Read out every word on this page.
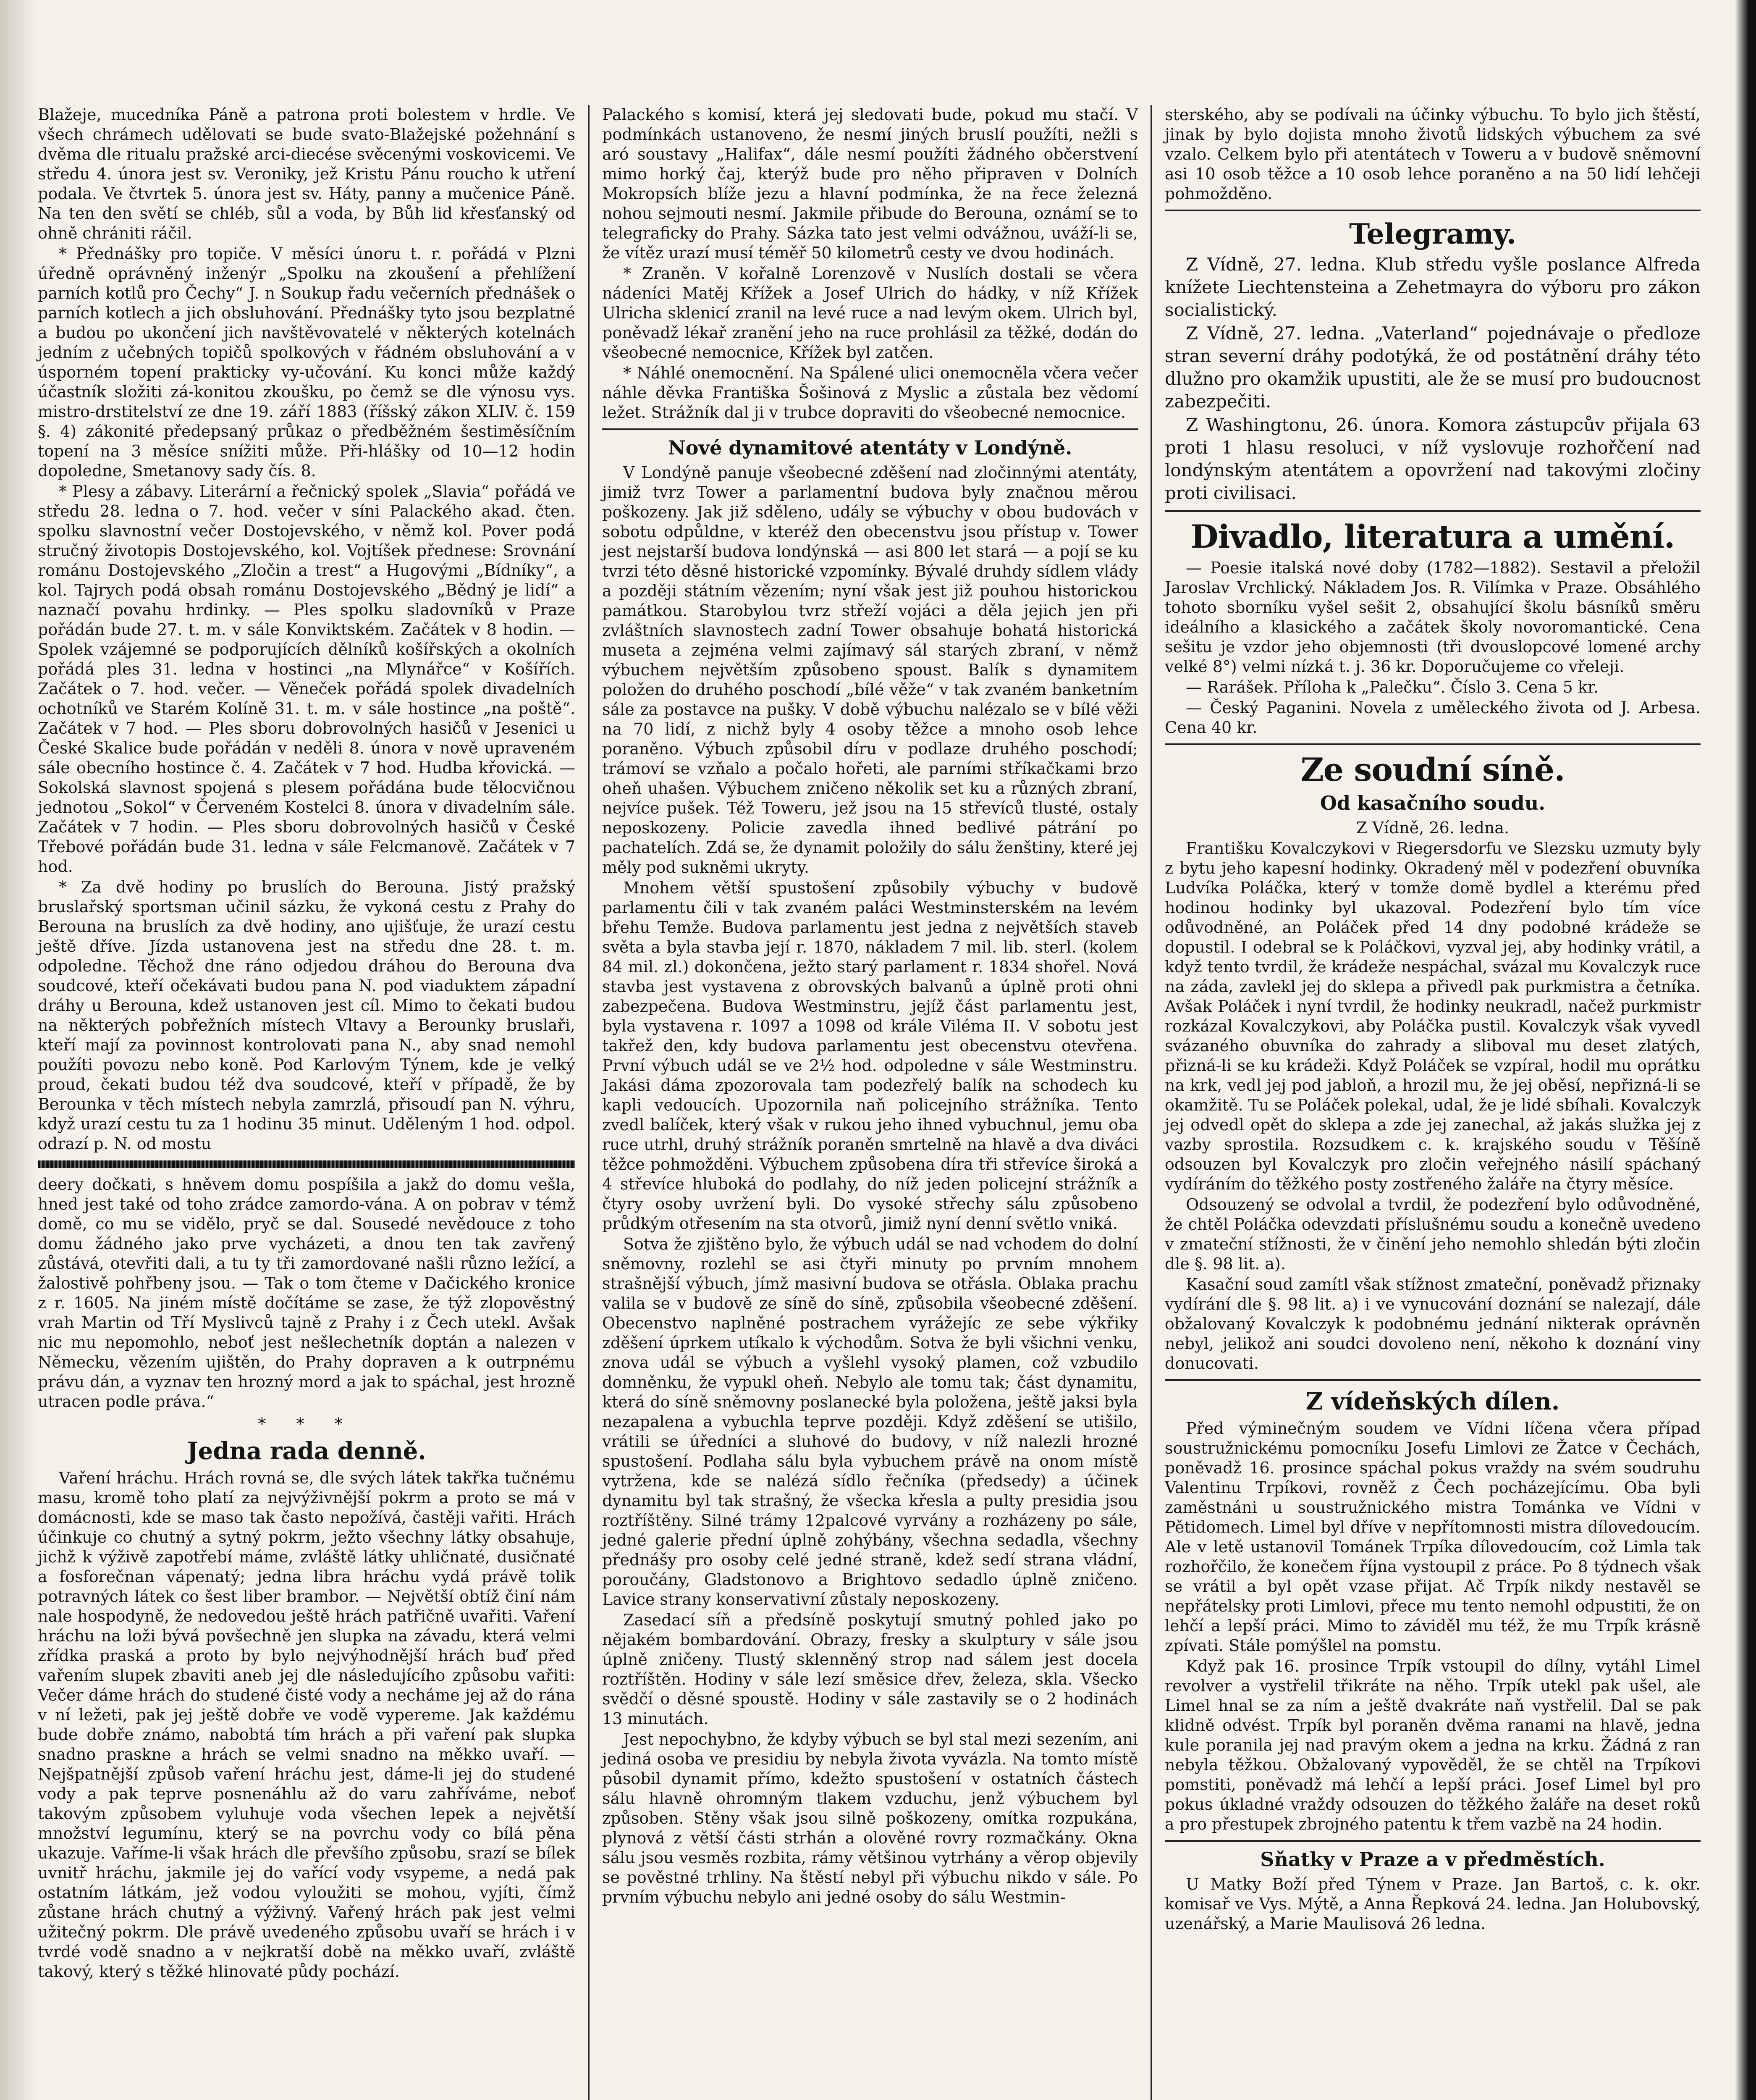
Blažeje, mucedníka Páně a patrona proti bolestem v hrdle. Ve všech chrámech udělovati se bude svato-Blažejské požehnání s dvěma dle ritualu pražské arci-diecése svěcenými voskovicemi. Ve středu 4. února jest sv. Veroniky, jež Kristu Pánu roucho k utření podala. Ve čtvrtek 5. února jest sv. Háty, panny a mučenice Páně. Na ten den světí se chléb, sůl a voda, by Bůh lid křesťanský od ohně chrániti ráčil.

* Přednášky pro topiče. V měsíci únoru t. r. pořádá v Plzni úředně oprávněný inženýr „Spolku na zkoušení a přehlížení parních kotlů pro Čechy“ J. n Soukup řadu večerních přednášek o parních kotlech a jich obsluhování. Přednášky tyto jsou bezplatné a budou po ukončení jich navštěvovatelé v některých kotelnách jedním z učebných topičů spolkových v řádném obsluhování a v úsporném topení prakticky vy-učování. Ku konci může každý účastník složiti zá-konitou zkoušku, po čemž se dle výnosu vys. mistro-drstitelství ze dne 19. září 1883 (říšský zákon XLIV. č. 159 §. 4) zákonité předepsaný průkaz o předběžném šestiměsíčním topení na 3 měsíce snížiti může. Při-hlášky od 10—12 hodin dopoledne, Smetanovy sady čís. 8.

* Plesy a zábavy. Literární a řečnický spolek „Slavia“ pořádá ve středu 28. ledna o 7. hod. večer v síni Palackého akad. čten. spolku slavnostní večer Dostojevského, v němž kol. Pover podá stručný životopis Dostojevského, kol. Vojtíšek přednese: Srovnání románu Dostojevského „Zločin a trest“ a Hugovými „Bídníky“, a kol. Tajrych podá obsah románu Dostojevského „Bědný je lidí“ a naznačí povahu hrdinky. — Ples spolku sladovníků v Praze pořádán bude 27. t. m. v sále Konviktském. Začátek v 8 hodin. — Spolek vzájemné se podporujících dělníků košířských a okolních pořádá ples 31. ledna v hostinci „na Mlynářce“ v Košířích. Začátek o 7. hod. večer. — Věneček pořádá spolek divadelních ochotníků ve Starém Kolíně 31. t. m. v sále hostince „na poště“. Začátek v 7 hod. — Ples sboru dobrovolných hasičů v Jesenici u České Skalice bude pořádán v neděli 8. února v nově upraveném sále obecního hostince č. 4. Začátek v 7 hod. Hudba křovická. — Sokolská slavnost spojená s plesem pořádána bude tělocvičnou jednotou „Sokol“ v Červeném Kostelci 8. února v divadelním sále. Začátek v 7 hodin. — Ples sboru dobrovolných hasičů v České Třebové pořádán bude 31. ledna v sále Felcmanově. Začátek v 7 hod.

* Za dvě hodiny po bruslích do Berouna. Jistý pražský bruslařský sportsman učinil sázku, že vykoná cestu z Prahy do Berouna na bruslích za dvě hodiny, ano ujišťuje, že urazí cestu ještě dříve. Jízda ustanovena jest na středu dne 28. t. m. odpoledne. Těchož dne ráno odjedou dráhou do Berouna dva soudcové, kteří očekávati budou pana N. pod viaduktem západní dráhy u Berouna, kdež ustanoven jest cíl. Mimo to čekati budou na některých pobřežních místech Vltavy a Berounky bruslaři, kteří mají za povinnost kontrolovati pana N., aby snad nemohl použíti povozu nebo koně. Pod Karlovým Týnem, kde je velký proud, čekati budou též dva soudcové, kteří v případě, že by Berounka v těch místech nebyla zamrzlá, přisoudí pan N. výhru, když urazí cestu tu za 1 hodinu 35 minut. Uděleným 1 hod. odpol. odrazí p. N. od mostu

deery dočkati, s hněvem domu pospíšila a jakž do domu vešla, hned jest také od toho zrádce zamordo-vána. A on pobrav v témž domě, co mu se vidělo, pryč se dal. Sousedé nevědouce z toho domu žádného jako prve vycházeti, a dnou ten tak zavřený zůstává, otevřiti dali, a tu ty tři zamordované našli různo ležící, a žalostivě pohřbeny jsou. — Tak o tom čteme v Dačického kronice z r. 1605. Na jiném místě dočítáme se zase, že týž zlopověstný vrah Martin od Tří Myslivců tajně z Prahy i z Čech utekl. Avšak nic mu nepomohlo, neboť jest nešlechetník doptán a nalezen v Německu, vězením ujištěn, do Prahy dopraven a k outrpnému právu dán, a vyznav ten hrozný mord a jak to spáchal, jest hrozně utracen podle práva.“

* * *
Jedna rada denně.

Vaření hráchu. Hrách rovná se, dle svých látek takřka tučnému masu, kromě toho platí za nejvýživnější pokrm a proto se má v domácnosti, kde se maso tak často nepožívá, častěji vařiti. Hrách účinkuje co chutný a sytný pokrm, ježto všechny látky obsahuje, jichž k výživě zapotřebí máme, zvláště látky uhličnaté, dusičnaté a fosforečnan vápenatý; jedna libra hráchu vydá právě tolik potravných látek co šest liber brambor. — Největší obtíž činí nám nale hospodyně, že nedovedou ještě hrách patřičně uvařiti. Vaření hráchu na loži bývá povšechně jen slupka na závadu, která velmi zřídka praská a proto by bylo nejvýhodnější hrách buď před vařením slupek zbaviti aneb jej dle následujícího způsobu vařiti: Večer dáme hrách do studené čisté vody a necháme jej až do rána v ní ležeti, pak jej ještě dobře ve vodě vypereme. Jak každému bude dobře známo, nabobtá tím hrách a při vaření pak slupka snadno praskne a hrách se velmi snadno na měkko uvaří. — Nejšpatnější způsob vaření hráchu jest, dáme-li jej do studené vody a pak teprve posnenáhlu až do varu zahříváme, neboť takovým způsobem vyluhuje voda všechen lepek a největší množství legumínu, který se na povrchu vody co bílá pěna ukazuje. Vaříme-li však hrách dle převšího způsobu, srazí se bílek uvnitř hráchu, jakmile jej do vařící vody vsypeme, a nedá pak ostatním látkám, jež vodou vyloužiti se mohou, vyjíti, čímž zůstane hrách chutný a výživný. Vařený hrách pak jest velmi užitečný pokrm. Dle právě uvedeného způsobu uvaří se hrách i v tvrdé vodě snadno a v nejkratší době na měkko uvaří, zvláště takový, který s těžké hlinovaté půdy pochází.

Palackého s komisí, která jej sledovati bude, pokud mu stačí. V podmínkách ustanoveno, že nesmí jiných bruslí použíti, nežli s aró soustavy „Halifax“, dále nesmí použíti žádného občerstvení mimo horký čaj, kterýž bude pro něho připraven v Dolních Mokropsích blíže jezu a hlavní podmínka, že na řece železná nohou sejmouti nesmí. Jakmile přibude do Berouna, oznámí se to telegraficky do Prahy. Sázka tato jest velmi odvážnou, uváží-li se, že vítěz urazí musí téměř 50 kilometrů cesty ve dvou hodinách.

* Zraněn. V kořalně Lorenzově v Nuslích dostali se včera nádeníci Matěj Křížek a Josef Ulrich do hádky, v níž Křížek Ulricha sklenicí zranil na levé ruce a nad levým okem. Ulrich byl, poněvadž lékař zranění jeho na ruce prohlásil za těžké, dodán do všeobecné nemocnice, Křížek byl zatčen.

* Náhlé onemocnění. Na Spálené ulici onemocněla včera večer náhle děvka Františka Šošinová z Myslic a zůstala bez vědomí ležet. Strážník dal ji v trubce dopraviti do všeobecné nemocnice.

Nové dynamitové atentáty v Londýně.

V Londýně panuje všeobecné zděšení nad zločinnými atentáty, jimiž tvrz Tower a parlamentní budova byly značnou měrou poškozeny. Jak již sděleno, udály se výbuchy v obou budovách v sobotu odpůldne, v kteréž den obecenstvu jsou přístup v. Tower jest nejstarší budova londýnská — asi 800 let stará — a pojí se ku tvrzi této děsné historické vzpomínky. Bývalé druhdy sídlem vlády a později státním vězením; nyní však jest již pouhou historickou památkou. Starobylou tvrz střeží vojáci a děla jejich jen při zvláštních slavnostech zadní Tower obsahuje bohatá historická museta a zejména velmi zajímavý sál starých zbraní, v němž výbuchem největším způsobeno spoust. Balík s dynamitem položen do druhého poschodí „bílé věže“ v tak zvaném banketním sále za postavce na pušky. V době výbuchu nalézalo se v bílé věži na 70 lidí, z nichž byly 4 osoby těžce a mnoho osob lehce poraněno. Výbuch způsobil díru v podlaze druhého poschodí; trámoví se vzňalo a počalo hořeti, ale parními stříkačkami brzo oheň uhašen. Výbuchem zničeno několik set ku a různých zbraní, nejvíce pušek. Též Toweru, jež jsou na 15 střevíců tlusté, ostaly neposkozeny. Policie zavedla ihned bedlivé pátrání po pachatelích. Zdá se, že dynamit položily do sálu ženštiny, které jej měly pod sukněmi ukryty.

Mnohem větší spustošení způsobily výbuchy v budově parlamentu čili v tak zvaném paláci Westminsterském na levém břehu Temže. Budova parlamentu jest jedna z největších staveb světa a byla stavba její r. 1870, nákladem 7 mil. lib. sterl. (kolem 84 mil. zl.) dokončena, ježto starý parlament r. 1834 shořel. Nová stavba jest vystavena z obrovských balvanů a úplně proti ohni zabezpečena. Budova Westminstru, jejíž část parlamentu jest, byla vystavena r. 1097 a 1098 od krále Viléma II. V sobotu jest takřež den, kdy budova parlamentu jest obecenstvu otevřena. První výbuch udál se ve 2½ hod. odpoledne v sále Westminstru. Jakási dáma zpozorovala tam podezřelý balík na schodech ku kapli vedoucích. Upozornila naň policejního strážníka. Tento zvedl balíček, který však v rukou jeho ihned vybuchnul, jemu oba ruce utrhl, druhý strážník poraněn smrtelně na hlavě a dva diváci těžce pohmožděni. Výbuchem způsobena díra tři střevíce široká a 4 střevíce hluboká do podlahy, do níž jeden policejní strážník a čtyry osoby uvržení byli. Do vysoké střechy sálu způsobeno průdkým otřesením na sta otvorů, jimiž nyní denní světlo vniká.

Sotva že zjištěno bylo, že výbuch udál se nad vchodem do dolní sněmovny, rozlehl se asi čtyři minuty po prvním mnohem strašnější výbuch, jímž masivní budova se otřásla. Oblaka prachu valila se v budově ze síně do síně, způsobila všeobecné zděšení. Obecenstvo naplněné postrachem vyrážejíc ze sebe výkřiky zděšení úprkem utíkalo k východům. Sotva že byli všichni venku, znova udál se výbuch a vyšlehl vysoký plamen, což vzbudilo domněnku, že vypukl oheň. Nebylo ale tomu tak; část dynamitu, která do síně sněmovny poslanecké byla položena, ještě jaksi byla nezapalena a vybuchla teprve později. Když zděšení se utišilo, vrátili se úředníci a sluhové do budovy, v níž nalezli hrozné spustošení. Podlaha sálu byla vybuchem právě na onom místě vytržena, kde se nalézá sídlo řečníka (předsedy) a účinek dynamitu byl tak strašný, že všecka křesla a pulty presidia jsou roztříštěny. Silné trámy 12palcové vyrvány a rozházeny po sále, jedné galerie přední úplně zohýbány, všechna sedadla, všechny přednášy pro osoby celé jedné straně, kdež sedí strana vládní, poroučány, Gladstonovo a Brightovo sedadlo úplně zničeno. Lavice strany konservativní zůstaly neposkozeny.

Zasedací síň a předsíně poskytují smutný pohled jako po nějakém bombardování. Obrazy, fresky a skulptury v sále jsou úplně zničeny. Tlustý sklenněný strop nad sálem jest docela roztříštěn. Hodiny v sále lezí směsice dřev, železa, skla. Všecko svědčí o děsné spoustě. Hodiny v sále zastavily se o 2 hodinách 13 minutách.

Jest nepochybno, že kdyby výbuch se byl stal mezi sezením, ani jediná osoba ve presidiu by nebyla života vyvázla. Na tomto místě působil dynamit přímo, kdežto spustošení v ostatních částech sálu hlavně ohromným tlakem vzduchu, jenž výbuchem byl způsoben. Stěny však jsou silně poškozeny, omítka rozpukána, plynová z větší části strhán a olověné rovry rozmačkány. Okna sálu jsou vesměs rozbita, rámy většinou vytrhány a věrop objevily se pověstné trhliny. Na štěstí nebyl při výbuchu nikdo v sále. Po prvním výbuchu nebylo ani jedné osoby do sálu Westmin-

sterského, aby se podívali na účinky výbuchu. To bylo jich štěstí, jinak by bylo dojista mnoho životů lidských výbuchem za své vzalo. Celkem bylo při atentátech v Toweru a v budově sněmovní asi 10 osob těžce a 10 osob lehce poraněno a na 50 lidí lehčeji pohmožděno.

Telegramy.

Z Vídně, 27. ledna. Klub středu vyšle poslance Alfreda knížete Liechtensteina a Zehetmayra do výboru pro zákon socialistický.

Z Vídně, 27. ledna. „Vaterland“ pojednávaje o předloze stran severní dráhy podotýká, že od postátnění dráhy této dlužno pro okamžik upustiti, ale že se musí pro budoucnost zabezpečiti.

Z Washingtonu, 26. února. Komora zástupcův přijala 63 proti 1 hlasu resoluci, v níž vyslovuje rozhořčení nad londýnským atentátem a opovržení nad takovými zločiny proti civilisaci.

Divadlo, literatura a umění.

— Poesie italská nové doby (1782—1882). Sestavil a přeložil Jaroslav Vrchlický. Nákladem Jos. R. Vilímka v Praze. Obsáhlého tohoto sborníku vyšel sešit 2, obsahující školu básníků směru ideálního a klasického a začátek školy novoromantické. Cena sešitu je vzdor jeho objemnosti (tři dvouslopcové lomené archy velké 8°) velmi nízká t. j. 36 kr. Doporučujeme co vřeleji.

— Rarášek. Příloha k „Palečku“. Číslo 3. Cena 5 kr.

— Český Paganini. Novela z uměleckého života od J. Arbesa. Cena 40 kr.

Ze soudní síně.
Od kasačního soudu.

Z Vídně, 26. ledna.

Františku Kovalczykovi v Riegersdorfu ve Slezsku uzmuty byly z bytu jeho kapesní hodinky. Okradený měl v podezření obuvníka Ludvíka Poláčka, který v tomže domě bydlel a kterému před hodinou hodinky byl ukazoval. Podezření bylo tím více odůvodněné, an Poláček před 14 dny podobné krádeže se dopustil. I odebral se k Poláčkovi, vyzval jej, aby hodinky vrátil, a když tento tvrdil, že krádeže nespáchal, svázal mu Kovalczyk ruce na záda, zavlekl jej do sklepa a přivedl pak purkmistra a četníka. Avšak Poláček i nyní tvrdil, že hodinky neukradl, načež purkmistr rozkázal Kovalczykovi, aby Poláčka pustil. Kovalczyk však vyvedl svázaného obuvníka do zahrady a sliboval mu deset zlatých, přizná-li se ku krádeži. Když Poláček se vzpíral, hodil mu oprátku na krk, vedl jej pod jabloň, a hrozil mu, že jej oběsí, nepřizná-li se okamžitě. Tu se Poláček polekal, udal, že je lidé sbíhali. Kovalczyk jej odvedl opět do sklepa a zde jej zanechal, až jakás služka jej z vazby sprostila. Rozsudkem c. k. krajského soudu v Těšíně odsouzen byl Kovalczyk pro zločin veřejného násilí spáchaný vydíráním do těžkého posty zostřeného žaláře na čtyry měsíce.

Odsouzený se odvolal a tvrdil, že podezření bylo odůvodněné, že chtěl Poláčka odevzdati příslušnému soudu a konečně uvedeno v zmateční stížnosti, že v činění jeho nemohlo shledán býti zločin dle §. 98 lit. a).

Kasační soud zamítl však stížnost zmateční, poněvadž přiznaky vydírání dle §. 98 lit. a) i ve vynucování doznání se nalezají, dále obžalovaný Kovalczyk k podobnému jednání nikterak oprávněn nebyl, jelikož ani soudci dovoleno není, někoho k doznání viny donucovati.

Z vídeňských dílen.

Před výminečným soudem ve Vídni líčena včera případ soustružnickému pomocníku Josefu Limlovi ze Žatce v Čechách, poněvadž 16. prosince spáchal pokus vraždy na svém soudruhu Valentinu Trpíkovi, rovněž z Čech pocházejícímu. Oba byli zaměstnáni u soustružnického mistra Tománka ve Vídni v Pětidomech. Limel byl dříve v nepřítomnosti mistra dílovedoucím. Ale v letě ustanovil Tománek Trpíka dílovedoucím, což Limla tak rozhořčilo, že konečem října vystoupil z práce. Po 8 týdnech však se vrátil a byl opět vzase přijat. Ač Trpík nikdy nestavěl se nepřátelsky proti Limlovi, přece mu tento nemohl odpustiti, že on lehčí a lepší práci. Mimo to záviděl mu též, že mu Trpík krásně zpívati. Stále pomýšlel na pomstu.

Když pak 16. prosince Trpík vstoupil do dílny, vytáhl Limel revolver a vystřelil třikráte na něho. Trpík utekl pak ušel, ale Limel hnal se za ním a ještě dvakráte naň vystřelil. Dal se pak klidně odvést. Trpík byl poraněn dvěma ranami na hlavě, jedna kule poranila jej nad pravým okem a jedna na krku. Žádná z ran nebyla těžkou. Obžalovaný vypověděl, že se chtěl na Trpíkovi pomstiti, poněvadž má lehčí a lepší práci. Josef Limel byl pro pokus úkladné vraždy odsouzen do těžkého žaláře na deset roků a pro přestupek zbrojného patentu k třem vazbě na 24 hodin.

Sňatky v Praze a v předměstích.

U Matky Boží před Týnem v Praze. Jan Bartoš, c. k. okr. komisař ve Vys. Mýtě, a Anna Řepková 24. ledna. Jan Holubovský, uzenářský, a Marie Maulisová 26 ledna.
